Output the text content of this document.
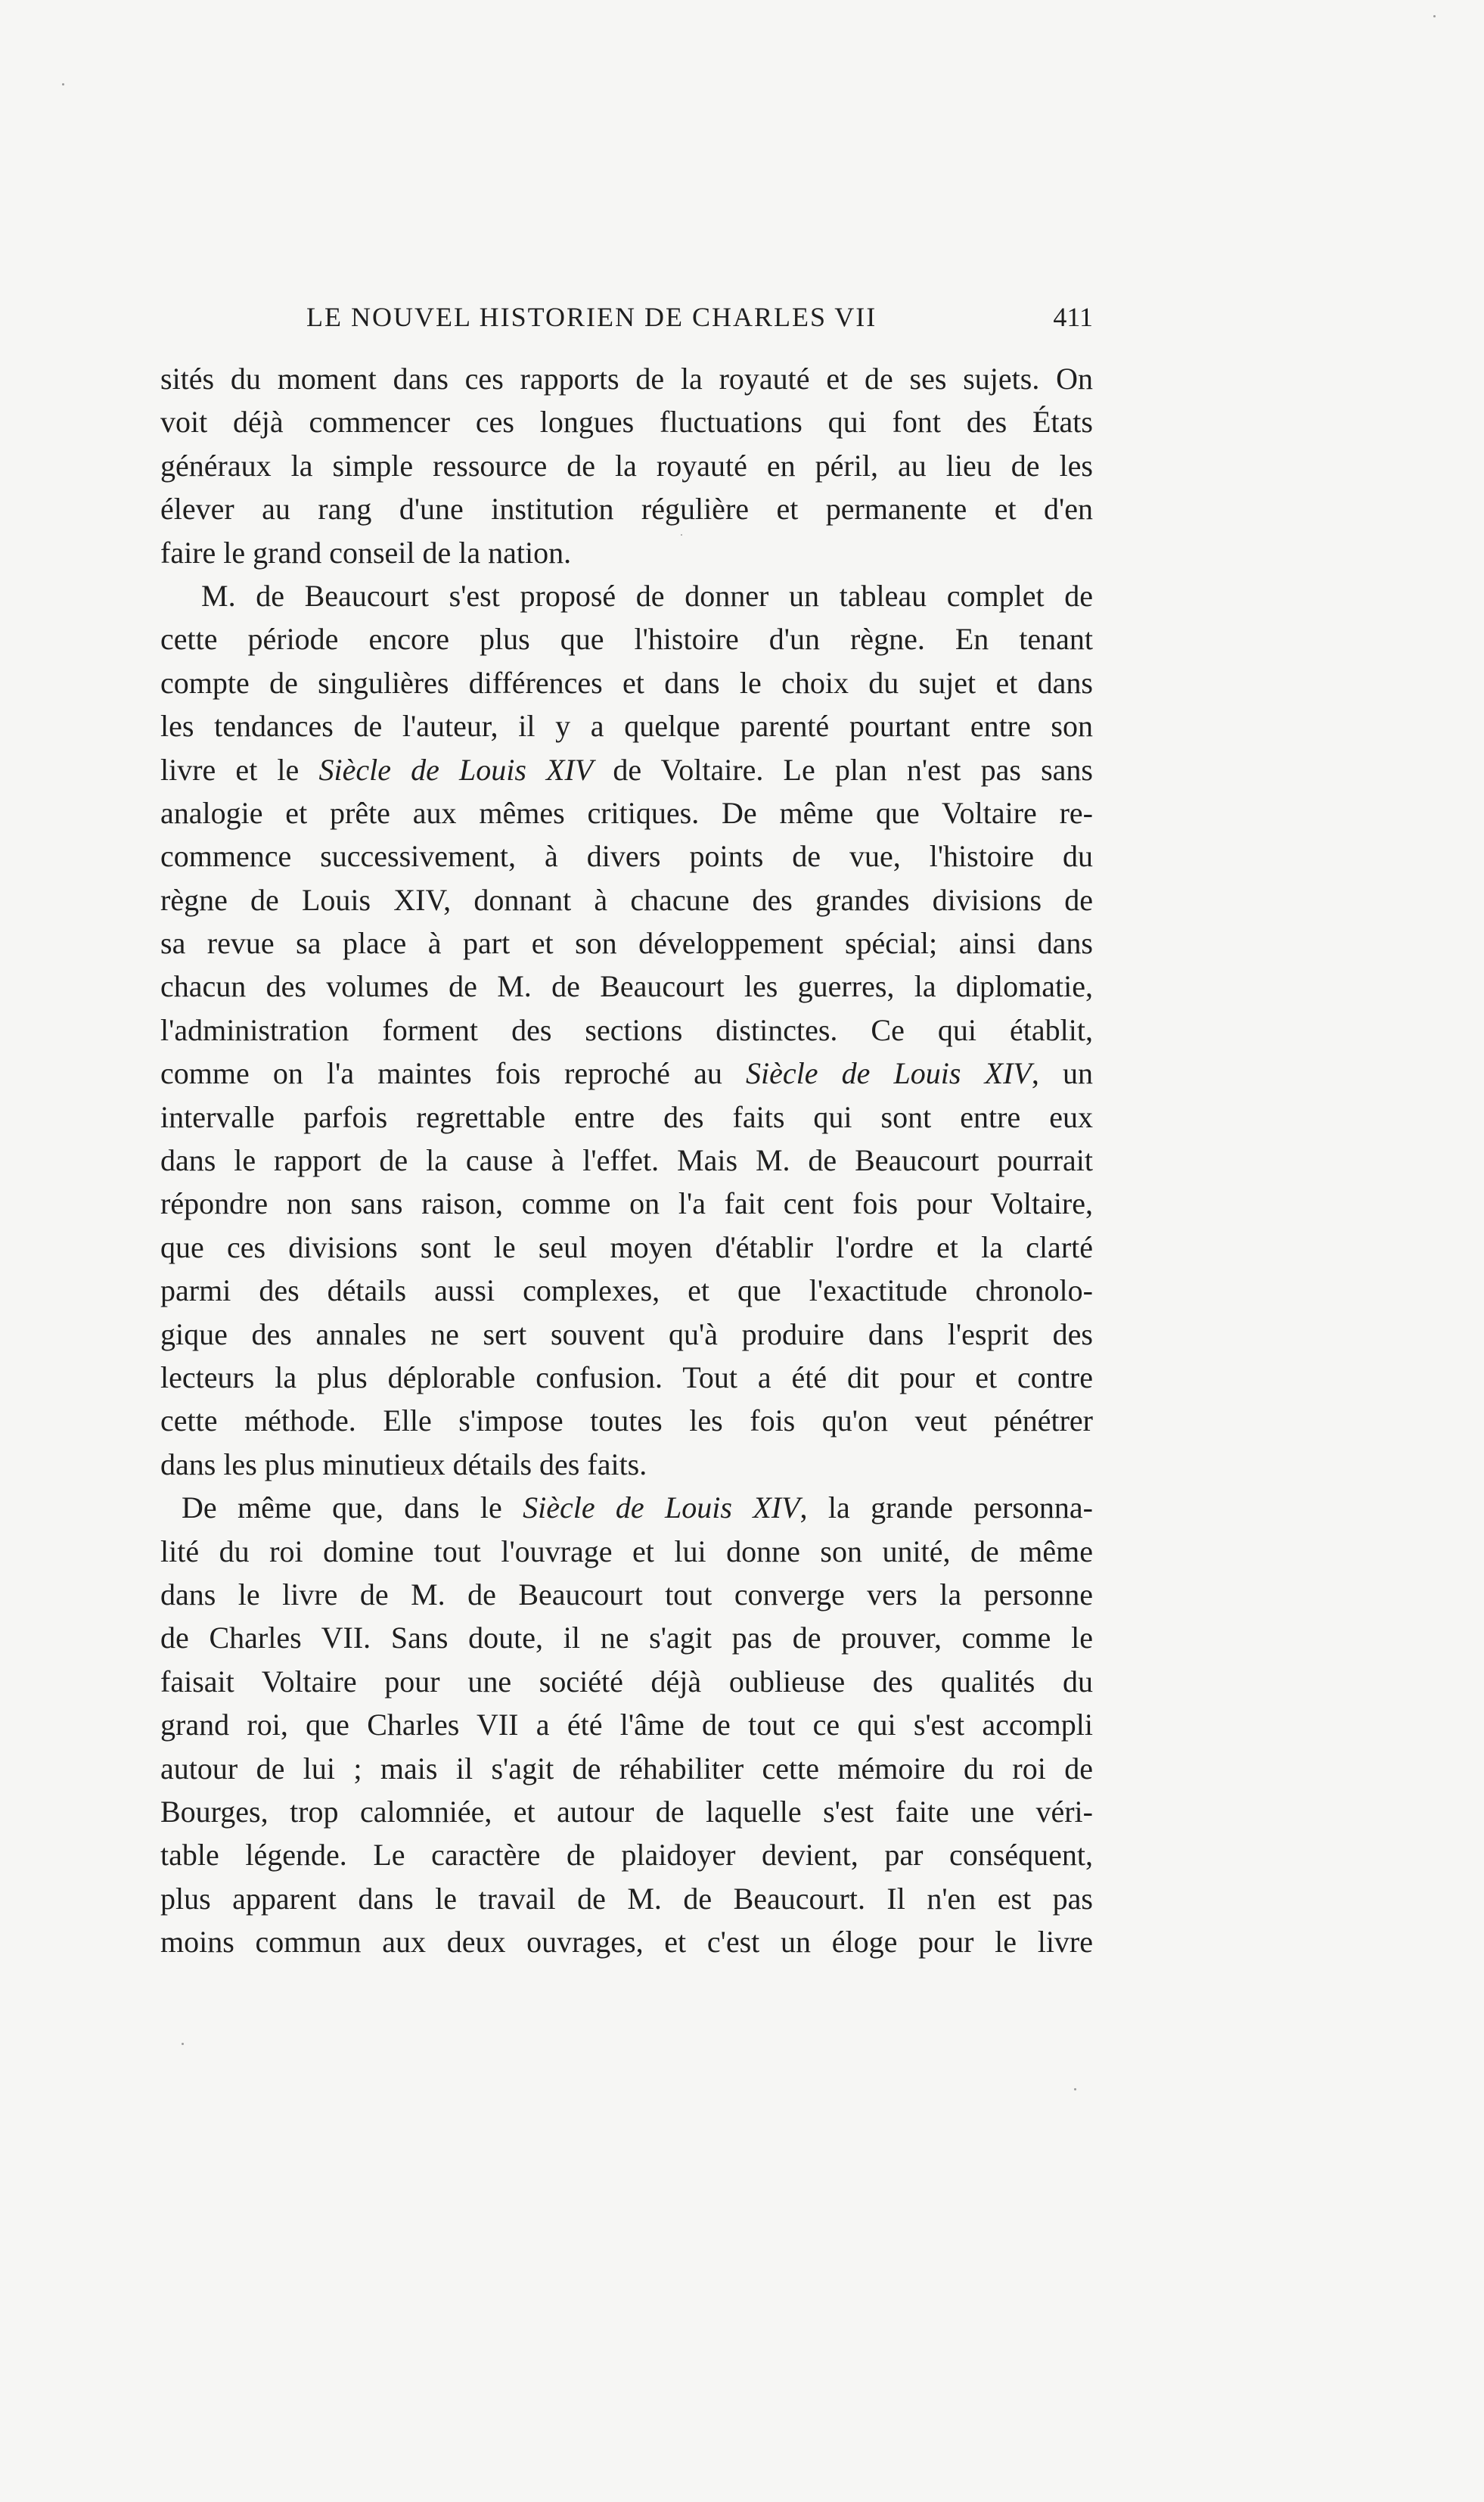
LE NOUVEL HISTORIEN DE CHARLES VII	411
sités du moment dans ces rapports de la royauté et de ses sujets. On
voit déjà commencer ces longues fluctuations qui font des États
généraux la simple ressource de la royauté en péril, au lieu de les
élever au rang d'une institution régulière et permanente et d'en
faire le grand conseil de la nation.
M. de Beaucourt s'est proposé de donner un tableau complet de
cette période encore plus que l'histoire d'un règne. En tenant
compte de singulières différences et dans le choix du sujet et dans
les tendances de l'auteur, il y a quelque parenté pourtant entre son
livre et le Siècle de Louis XIV de Voltaire. Le plan n'est pas sans
analogie et prête aux mêmes critiques. De même que Voltaire re-
commence successivement, à divers points de vue, l'histoire du
règne de Louis XIV, donnant à chacune des grandes divisions de
sa revue sa place à part et son développement spécial; ainsi dans
chacun des volumes de M. de Beaucourt les guerres, la diplomatie,
l'administration forment des sections distinctes. Ce qui établit,
comme on l'a maintes fois reproché au Siècle de Louis XIV, un
intervalle parfois regrettable entre des faits qui sont entre eux
dans le rapport de la cause à l'effet. Mais M. de Beaucourt pourrait
répondre non sans raison, comme on l'a fait cent fois pour Voltaire,
que ces divisions sont le seul moyen d'établir l'ordre et la clarté
parmi des détails aussi complexes, et que l'exactitude chronolo-
gique des annales ne sert souvent qu'à produire dans l'esprit des
lecteurs la plus déplorable confusion. Tout a été dit pour et contre
cette méthode. Elle s'impose toutes les fois qu'on veut pénétrer
dans les plus minutieux détails des faits.
De même que, dans le Siècle de Louis XIV, la grande personna-
lité du roi domine tout l'ouvrage et lui donne son unité, de même
dans le livre de M. de Beaucourt tout converge vers la personne
de Charles VII. Sans doute, il ne s'agit pas de prouver, comme le
faisait Voltaire pour une société déjà oublieuse des qualités du
grand roi, que Charles VII a été l'âme de tout ce qui s'est accompli
autour de lui ; mais il s'agit de réhabiliter cette mémoire du roi de
Bourges, trop calomniée, et autour de laquelle s'est faite une véri-
table légende. Le caractère de plaidoyer devient, par conséquent,
plus apparent dans le travail de M. de Beaucourt. Il n'en est pas
moins commun aux deux ouvrages, et c'est un éloge pour le livre
